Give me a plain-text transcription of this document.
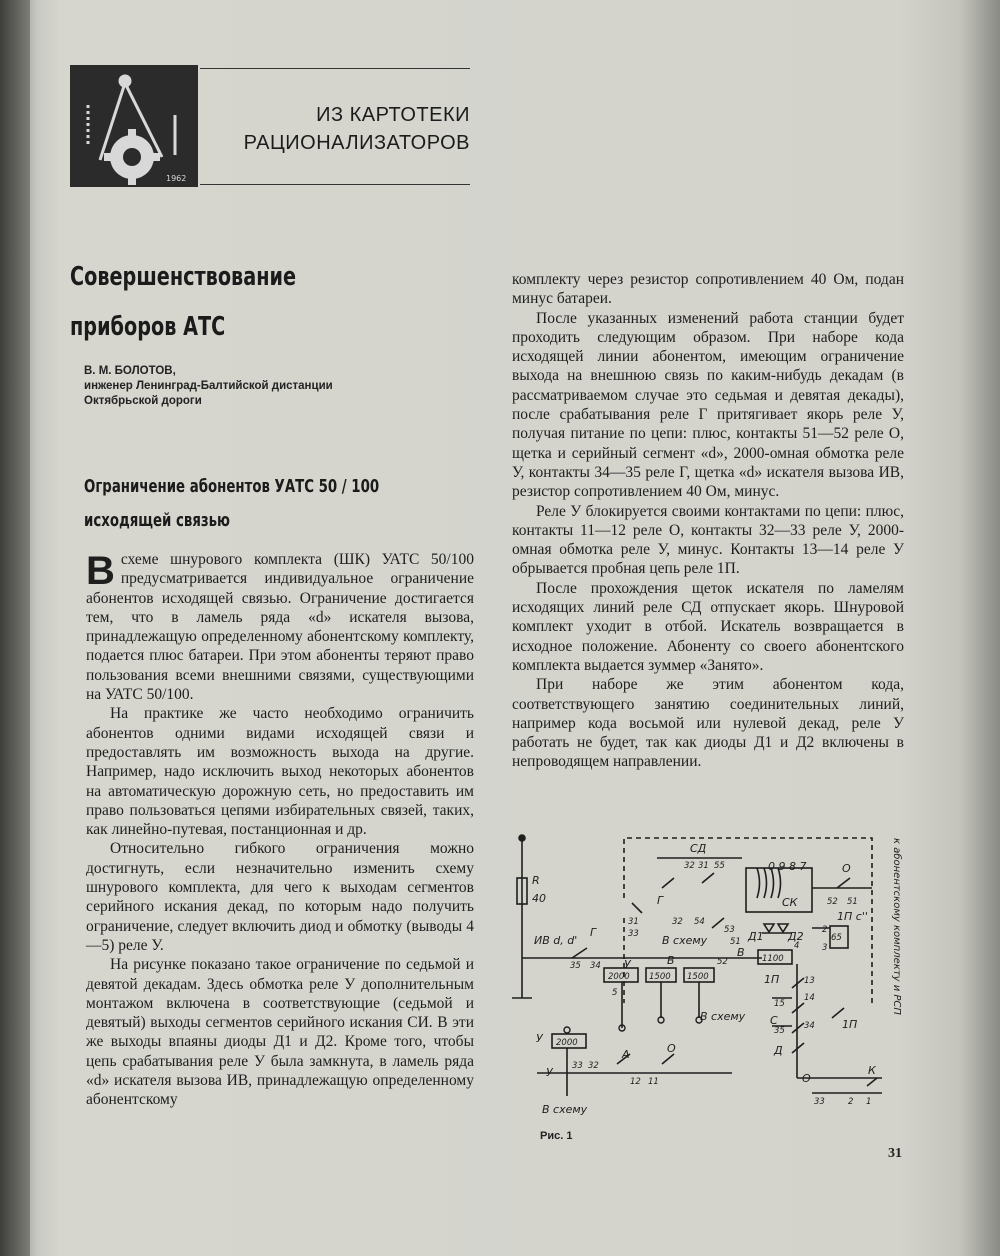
1962
ИЗ КАРТОТЕКИ
РАЦИОНАЛИЗАТОРОВ
Совершенствование
приборов АТС
В. М. БОЛОТОВ,
инженер Ленинград-Балтийской дистанции
Октябрьской дороги
Ограничение абонентов УАТС 50 / 100
исходящей связью

Всхеме шнурового комплекта (ШК) УАТС 50/100 предусматривается индивидуальное ограничение абонентов исходящей связью. Ограничение достигается тем, что в ламель ряда «d» искателя вызова, принадлежащую определенному абонентскому комплекту, подается плюс батареи. При этом абоненты теряют право пользования всеми внешними связями, существующими на УАТС 50/100.

На практике же часто необходимо ограничить абонентов одними видами исходящей связи и предоставлять им возможность выхода на другие. Например, надо исключить выход некоторых абонентов на автоматическую дорожную сеть, но предоставить им право пользоваться цепями избирательных связей, таких, как линейно-путевая, постанционная и др.

Относительно гибкого ограничения можно достигнуть, если незначительно изменить схему шнурового комплекта, для чего к выходам сегментов серийного искания декад, по которым надо получить ограничение, следует включить диод и обмотку (выводы 4—5) реле У.

На рисунке показано такое ограничение по седьмой и девятой декадам. Здесь обмотка реле У дополнительным монтажом включена в соответствующие (седьмой и девятый) выходы сегментов серийного искания СИ. В эти же выходы впаяны диоды Д1 и Д2. Кроме того, чтобы цепь срабатывания реле У была замкнута, в ламель ряда «d» искателя вызова ИВ, принадлежащую определенному абонентскому

комплекту через резистор сопротивлением 40 Ом, подан минус батареи.

После указанных изменений работа станции будет проходить следующим образом. При наборе кода исходящей линии абонентом, имеющим ограничение выхода на внешнюю связь по каким-нибудь декадам (в рассматриваемом случае это седьмая и девятая декады), после срабатывания реле Г притягивает якорь реле У, получая питание по цепи: плюс, контакты 51—52 реле О, щетка и серийный сегмент «d», 2000-омная обмотка реле У, контакты 34—35 реле Г, щетка «d» искателя вызова ИВ, резистор сопротивлением 40 Ом, минус.

Реле У блокируется своими контактами по цепи: плюс, контакты 11—12 реле О, контакты 32—33 реле У, 2000-омная обмотка реле У, минус. Контакты 13—14 реле У обрывается пробная цепь реле 1П.

После прохождения щеток искателя по ламелям исходящих линий реле СД отпускает якорь. Шнуровой комплект уходит в отбой. Искатель возвращается в исходное положение. Абоненту со своего абонентского комплекта выдается зуммер «Занято».

При наборе же этим абонентом кода, соответствующего занятию соединительных линий, например кода восьмой или нулевой декад, реле У работать не будет, так как диоды Д1 и Д2 включены в непроводящем направлении.

R
40
ИВ d, d'
Г
Г
СД
О
0 9 8 7
СК
Д1 Д2
1П c''
1П
1П
У	В
В
В схему
В схему
В схему
С
Д
А	О
О
К
У
У
2000 1500 1500
1100
65
2000
55
31
32
31
33
32 54
53
51
52
52 51
35 34
13
14
15
35 34
12 11
33 32
33	2 1
5
4
2
3	к абонентскому комплекту и РСП
Рис. 1
31
